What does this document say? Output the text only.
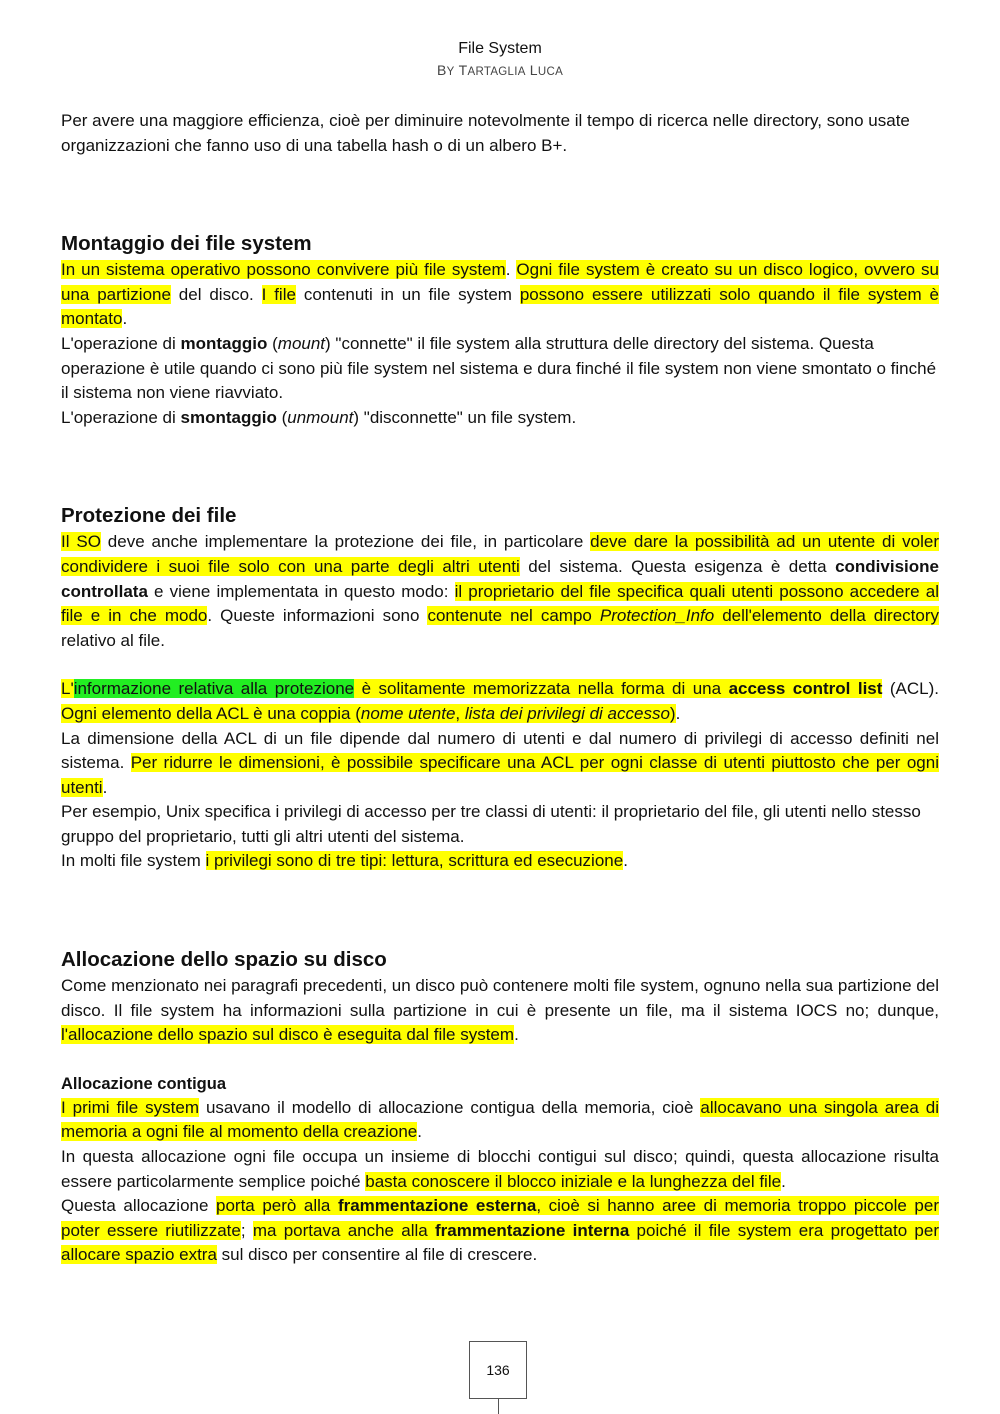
File System
BY TARTAGLIA LUCA

Per avere una maggiore efficienza, cioè per diminuire notevolmente il tempo di ricerca nelle directory, sono usate organizzazioni che fanno uso di una tabella hash o di un albero B+.

Montaggio dei file system

In un sistema operativo possono convivere più file system. Ogni file system è creato su un disco logico, ovvero su una partizione del disco. I file contenuti in un file system possono essere utilizzati solo quando il file system è montato.

L'operazione di montaggio (mount) "connette" il file system alla struttura delle directory del sistema. Questa operazione è utile quando ci sono più file system nel sistema e dura finché il file system non viene smontato o finché il sistema non viene riavviato.

L'operazione di smontaggio (unmount) "disconnette" un file system.

Protezione dei file

Il SO deve anche implementare la protezione dei file, in particolare deve dare la possibilità ad un utente di voler condividere i suoi file solo con una parte degli altri utenti del sistema. Questa esigenza è detta condivisione controllata e viene implementata in questo modo: il proprietario del file specifica quali utenti possono accedere al file e in che modo. Queste informazioni sono contenute nel campo Protection_Info dell'elemento della directory relativo al file.

L'informazione relativa alla protezione è solitamente memorizzata nella forma di una access control list (ACL). Ogni elemento della ACL è una coppia (nome utente, lista dei privilegi di accesso).

La dimensione della ACL di un file dipende dal numero di utenti e dal numero di privilegi di accesso definiti nel sistema. Per ridurre le dimensioni, è possibile specificare una ACL per ogni classe di utenti piuttosto che per ogni utenti.

Per esempio, Unix specifica i privilegi di accesso per tre classi di utenti: il proprietario del file, gli utenti nello stesso gruppo del proprietario, tutti gli altri utenti del sistema.

In molti file system i privilegi sono di tre tipi: lettura, scrittura ed esecuzione.

Allocazione dello spazio su disco

Come menzionato nei paragrafi precedenti, un disco può contenere molti file system, ognuno nella sua partizione del disco. Il file system ha informazioni sulla partizione in cui è presente un file, ma il sistema IOCS no; dunque, l'allocazione dello spazio sul disco è eseguita dal file system.

Allocazione contigua

I primi file system usavano il modello di allocazione contigua della memoria, cioè allocavano una singola area di memoria a ogni file al momento della creazione.

In questa allocazione ogni file occupa un insieme di blocchi contigui sul disco; quindi, questa allocazione risulta essere particolarmente semplice poiché basta conoscere il blocco iniziale e la lunghezza del file.

Questa allocazione porta però alla frammentazione esterna, cioè si hanno aree di memoria troppo piccole per poter essere riutilizzate; ma portava anche alla frammentazione interna poiché il file system era progettato per allocare spazio extra sul disco per consentire al file di crescere.

136
